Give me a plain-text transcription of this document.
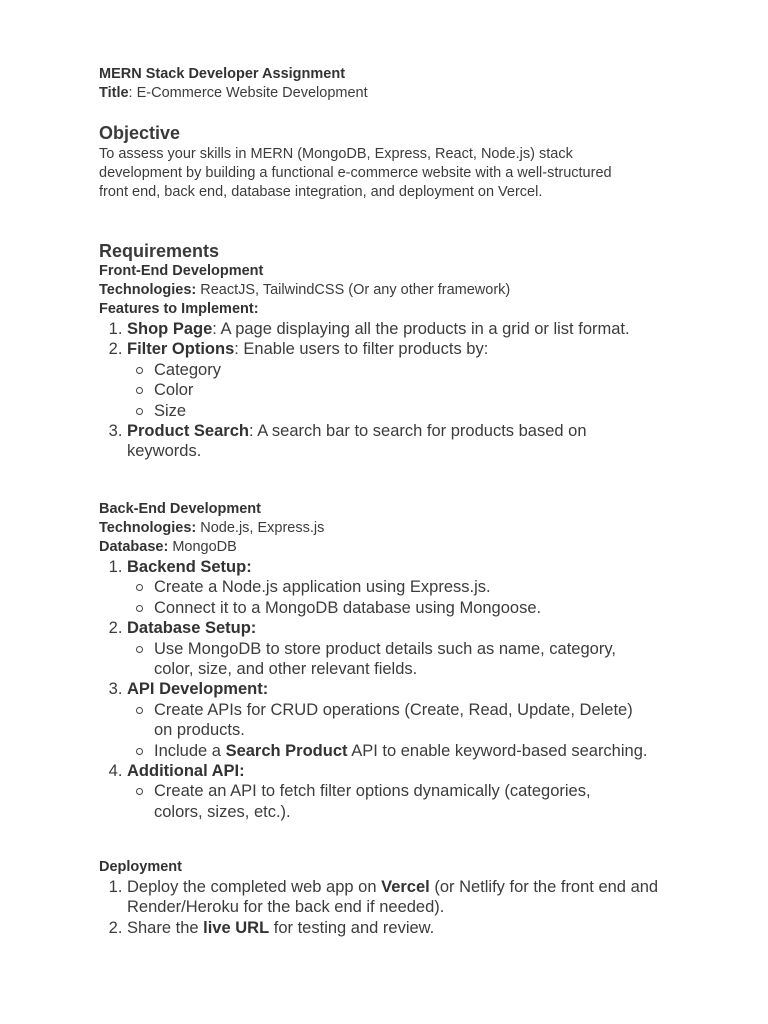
MERN Stack Developer Assignment
Title: E-Commerce Website Development
Objective
To assess your skills in MERN (MongoDB, Express, React, Node.js) stack development by building a functional e-commerce website with a well-structured front end, back end, database integration, and deployment on Vercel.
Requirements
Front-End Development
Technologies: ReactJS, TailwindCSS (Or any other framework)
Features to Implement:
1. Shop Page: A page displaying all the products in a grid or list format.
2. Filter Options: Enable users to filter products by:
Category
Color
Size
3. Product Search: A search bar to search for products based on keywords.
Back-End Development
Technologies: Node.js, Express.js
Database: MongoDB
1. Backend Setup:
Create a Node.js application using Express.js.
Connect it to a MongoDB database using Mongoose.
2. Database Setup:
Use MongoDB to store product details such as name, category, color, size, and other relevant fields.
3. API Development:
Create APIs for CRUD operations (Create, Read, Update, Delete) on products.
Include a Search Product API to enable keyword-based searching.
4. Additional API:
Create an API to fetch filter options dynamically (categories, colors, sizes, etc.).
Deployment
1. Deploy the completed web app on Vercel (or Netlify for the front end and Render/Heroku for the back end if needed).
2. Share the live URL for testing and review.
